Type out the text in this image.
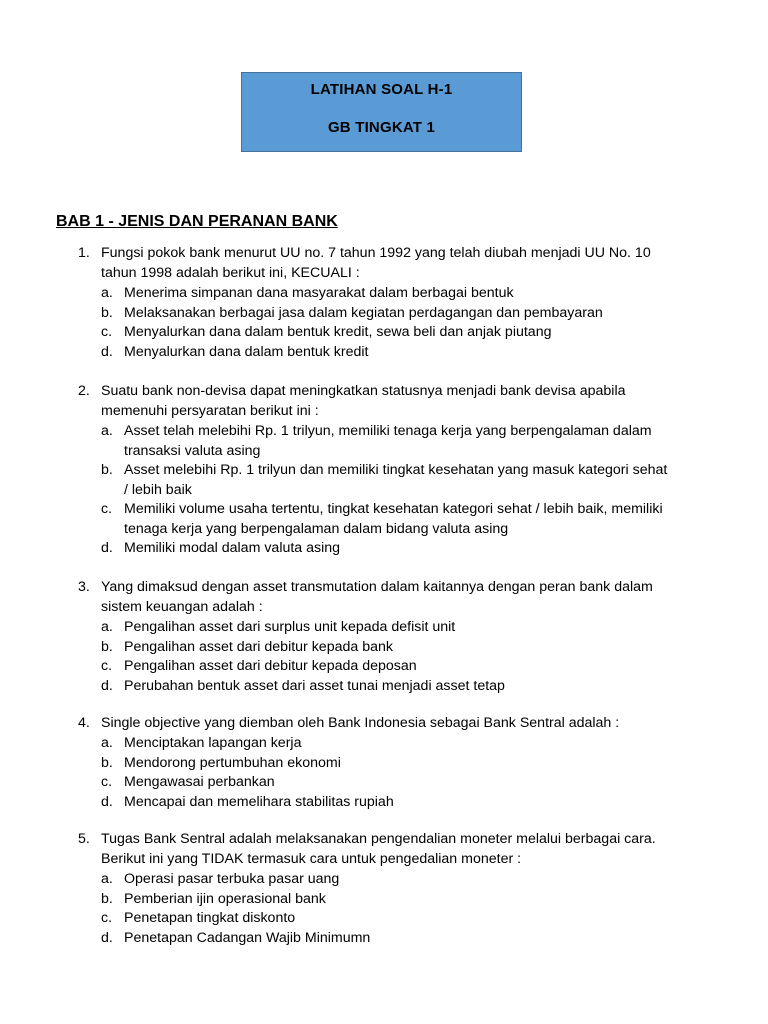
LATIHAN SOAL H-1
GB TINGKAT 1
BAB 1 - JENIS DAN PERANAN BANK
1. Fungsi pokok bank menurut UU no. 7 tahun 1992 yang telah diubah menjadi UU No. 10
tahun 1998 adalah berikut ini, KECUALI :
a. Menerima simpanan dana masyarakat dalam berbagai bentuk
b. Melaksanakan berbagai jasa dalam kegiatan perdagangan dan pembayaran
c. Menyalurkan dana dalam bentuk kredit, sewa beli dan anjak piutang
d. Menyalurkan dana dalam bentuk kredit
2. Suatu bank non-devisa dapat meningkatkan statusnya menjadi bank devisa apabila
memenuhi persyaratan berikut ini :
a. Asset telah melebihi Rp. 1 trilyun, memiliki tenaga kerja yang berpengalaman dalam
transaksi valuta asing
b. Asset melebihi Rp. 1 trilyun dan memiliki tingkat kesehatan yang masuk kategori sehat
/ lebih baik
c. Memiliki volume usaha tertentu, tingkat kesehatan kategori sehat / lebih baik, memiliki
tenaga kerja yang berpengalaman dalam bidang valuta asing
d. Memiliki modal dalam valuta asing
3. Yang dimaksud dengan asset transmutation dalam kaitannya dengan peran bank dalam
sistem keuangan adalah :
a. Pengalihan asset dari surplus unit kepada defisit unit
b. Pengalihan asset dari debitur kepada bank
c. Pengalihan asset dari debitur kepada deposan
d. Perubahan bentuk asset dari asset tunai menjadi asset tetap
4. Single objective yang diemban oleh Bank Indonesia sebagai Bank Sentral adalah :
a. Menciptakan lapangan kerja
b. Mendorong pertumbuhan ekonomi
c. Mengawasai perbankan
d. Mencapai dan memelihara stabilitas rupiah
5. Tugas Bank Sentral adalah melaksanakan pengendalian moneter melalui berbagai cara.
Berikut ini yang TIDAK termasuk cara untuk pengedalian moneter :
a. Operasi pasar terbuka pasar uang
b. Pemberian ijin operasional bank
c. Penetapan tingkat diskonto
d. Penetapan Cadangan Wajib Minimumn
